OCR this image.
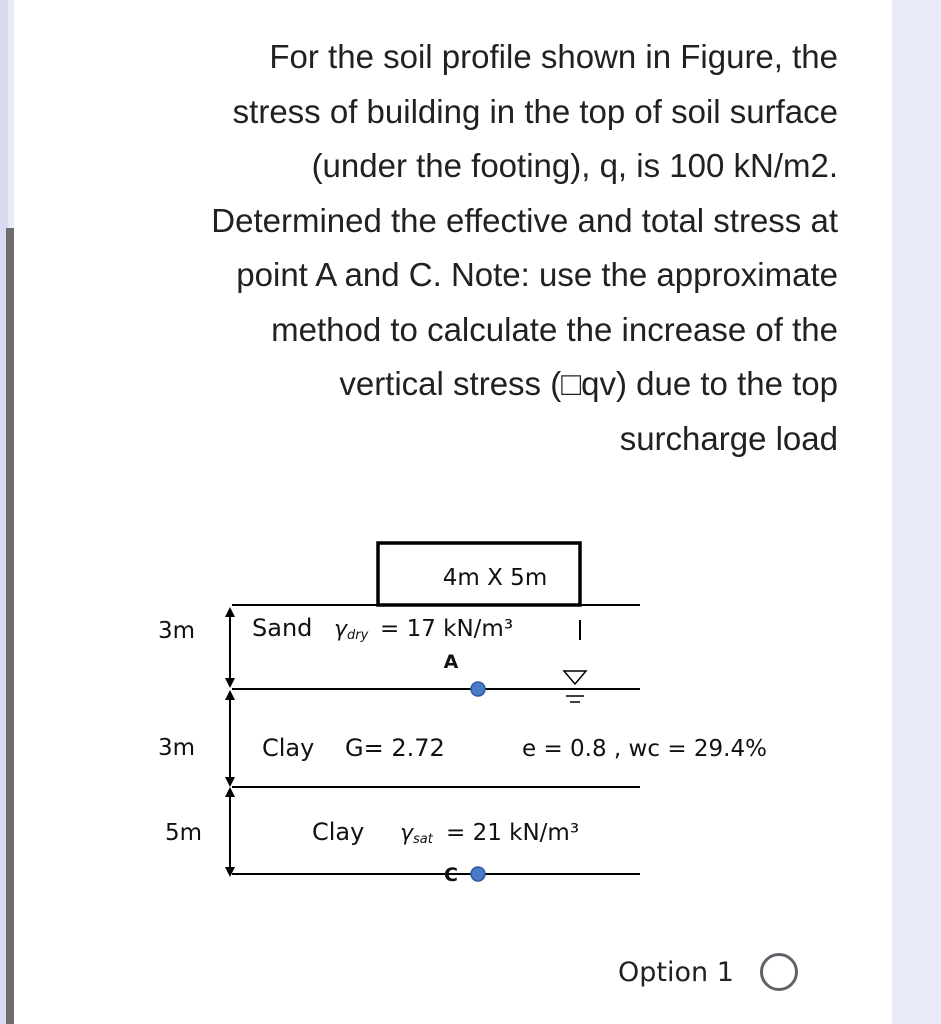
For the soil profile shown in Figure, the
stress of building in the top of soil surface
(under the footing), q, is 100 kN/m2.
Determined the effective and total stress at
point A and C. Note: use the approximate
method to calculate the increase of the
vertical stress (□qv) due to the top
surcharge load
4m X 5m
3m
3m
5m
Sand γdry = 17 kN/m³
A
Clay G= 2.72	e = 0.8 , wc = 29.4%
Clay γsat = 21 kN/m³
C
Option 1
